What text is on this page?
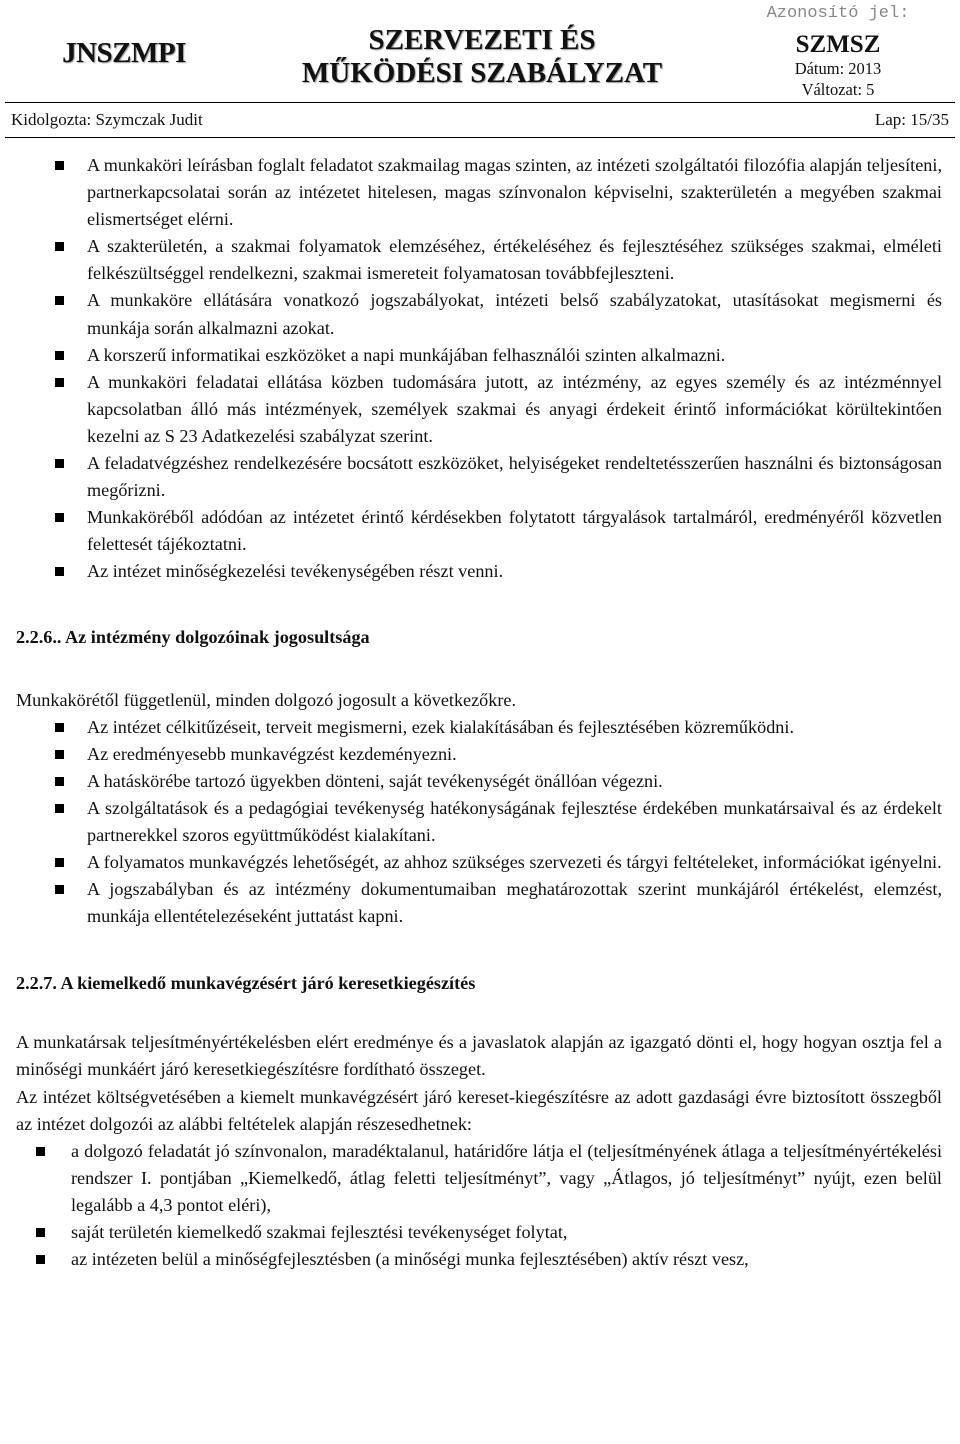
JNSZMPI	SZERVEZETI ÉS
MŰKÖDÉSI SZABÁLYZAT
Azonosító jel:
SZMSZ
Dátum: 2013
Változat: 5
Kidolgozta: Szymczak Judit	Lap: 15/35
A munkaköri leírásban foglalt feladatot szakmailag magas szinten, az intézeti szolgáltatói filozófia alapján teljesíteni, partnerkapcsolatai során az intézetet hitelesen, magas színvonalon képviselni, szakterületén a megyében szakmai elismertséget elérni.
A szakterületén, a szakmai folyamatok elemzéséhez, értékeléséhez és fejlesztéséhez szükséges szakmai, elméleti felkészültséggel rendelkezni, szakmai ismereteit folyamatosan továbbfejleszteni.
A munkaköre ellátására vonatkozó jogszabályokat, intézeti belső szabályzatokat, utasításokat megismerni és munkája során alkalmazni azokat.
A korszerű informatikai eszközöket a napi munkájában felhasználói szinten alkalmazni.
A munkaköri feladatai ellátása közben tudomására jutott, az intézmény, az egyes személy és az intézménnyel kapcsolatban álló más intézmények, személyek szakmai és anyagi érdekeit érintő információkat körültekintően kezelni az S 23 Adatkezelési szabályzat szerint.
A feladatvégzéshez rendelkezésére bocsátott eszközöket, helyiségeket rendeltetésszerűen használni és biztonságosan megőrizni.
Munkaköréből adódóan az intézetet érintő kérdésekben folytatott tárgyalások tartalmáról, eredményéről közvetlen felettesét tájékoztatni.
Az intézet minőségkezelési tevékenységében részt venni.
2.2.6.. Az intézmény dolgozóinak jogosultsága

Munkakörétől függetlenül, minden dolgozó jogosult a következőkre.

Az intézet célkitűzéseit, terveit megismerni, ezek kialakításában és fejlesztésében közreműködni.
Az eredményesebb munkavégzést kezdeményezni.
A hatáskörébe tartozó ügyekben dönteni, saját tevékenységét önállóan végezni.
A szolgáltatások és a pedagógiai tevékenység hatékonyságának fejlesztése érdekében munkatársaival és az érdekelt partnerekkel szoros együttműködést kialakítani.
A folyamatos munkavégzés lehetőségét, az ahhoz szükséges szervezeti és tárgyi feltételeket, információkat igényelni.
A jogszabályban és az intézmény dokumentumaiban meghatározottak szerint munkájáról értékelést, elemzést, munkája ellentételezéseként juttatást kapni.
2.2.7. A kiemelkedő munkavégzésért járó keresetkiegészítés

A munkatársak teljesítményértékelésben elért eredménye és a javaslatok alapján az igazgató dönti el, hogy hogyan osztja fel a minőségi munkáért járó keresetkiegészítésre fordítható összeget.

Az intézet költségvetésében a kiemelt munkavégzésért járó kereset-kiegészítésre az adott gazdasági évre biztosított összegből az intézet dolgozói az alábbi feltételek alapján részesedhetnek:

a dolgozó feladatát jó színvonalon, maradéktalanul, határidőre látja el (teljesítményének átlaga a teljesítményértékelési rendszer I. pontjában „Kiemelkedő, átlag feletti teljesítményt”, vagy „Átlagos, jó teljesítményt” nyújt, ezen belül legalább a 4,3 pontot eléri),
saját területén kiemelkedő szakmai fejlesztési tevékenységet folytat,
az intézeten belül a minőségfejlesztésben (a minőségi munka fejlesztésében) aktív részt vesz,
